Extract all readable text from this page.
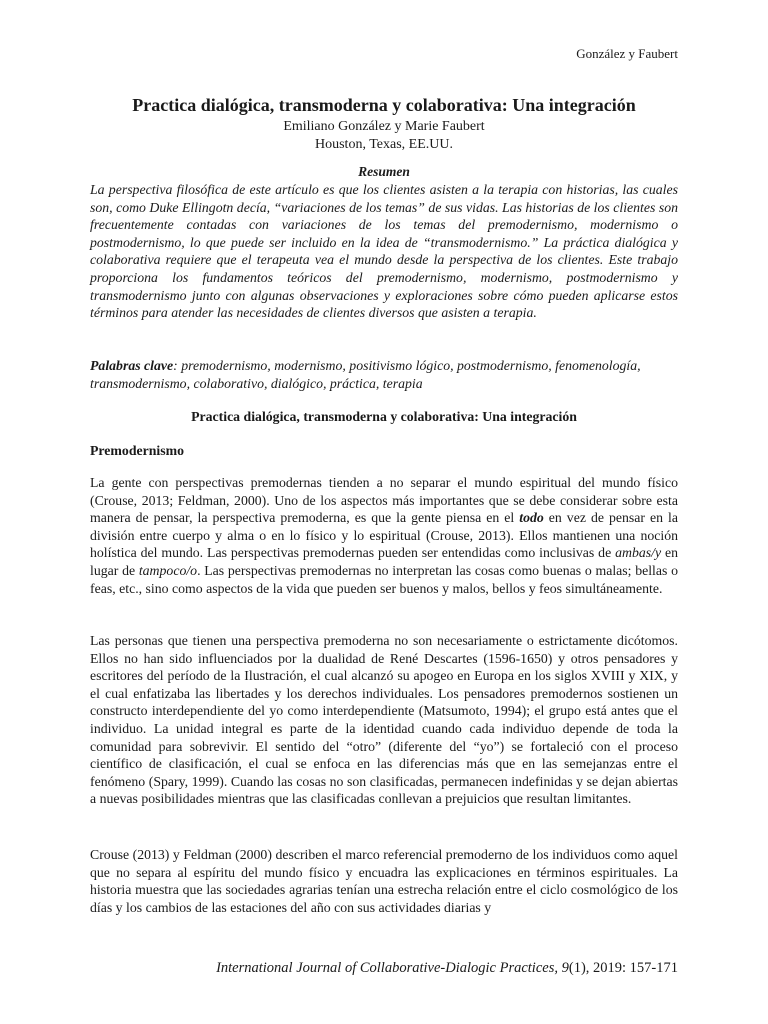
González y Faubert
Practica dialógica, transmoderna y colaborativa: Una integración
Emiliano González y Marie Faubert
Houston, Texas, EE.UU.
Resumen
La perspectiva filosófica de este artículo es que los clientes asisten a la terapia con historias, las cuales son, como Duke Ellingotn decía, “variaciones de los temas” de sus vidas. Las historias de los clientes son frecuentemente contadas con variaciones de los temas del premodernismo, modernismo o postmodernismo, lo que puede ser incluido en la idea de “transmodernismo.” La práctica dialógica y colaborativa requiere que el terapeuta vea el mundo desde la perspectiva de los clientes. Este trabajo proporciona los fundamentos teóricos del premodernismo, modernismo, postmodernismo y transmodernismo junto con algunas observaciones y exploraciones sobre cómo pueden aplicarse estos términos para atender las necesidades de clientes diversos que asisten a terapia.
Palabras clave: premodernismo, modernismo, positivismo lógico, postmodernismo, fenomenología, transmodernismo, colaborativo, dialógico, práctica, terapia
Practica dialógica, transmoderna y colaborativa: Una integración
Premodernismo
La gente con perspectivas premodernas tienden a no separar el mundo espiritual del mundo físico (Crouse, 2013; Feldman, 2000). Uno de los aspectos más importantes que se debe considerar sobre esta manera de pensar, la perspectiva premoderna, es que la gente piensa en el todo en vez de pensar en la división entre cuerpo y alma o en lo físico y lo espiritual (Crouse, 2013). Ellos mantienen una noción holística del mundo. Las perspectivas premodernas pueden ser entendidas como inclusivas de ambas/y en lugar de tampoco/o. Las perspectivas premodernas no interpretan las cosas como buenas o malas; bellas o feas, etc., sino como aspectos de la vida que pueden ser buenos y malos, bellos y feos simultáneamente.
Las personas que tienen una perspectiva premoderna no son necesariamente o estrictamente dicótomos. Ellos no han sido influenciados por la dualidad de René Descartes (1596-1650) y otros pensadores y escritores del período de la Ilustración, el cual alcanzó su apogeo en Europa en los siglos XVIII y XIX, y el cual enfatizaba las libertades y los derechos individuales. Los pensadores premodernos sostienen un constructo interdependiente del yo como interdependiente (Matsumoto, 1994); el grupo está antes que el individuo. La unidad integral es parte de la identidad cuando cada individuo depende de toda la comunidad para sobrevivir. El sentido del “otro” (diferente del “yo”) se fortaleció con el proceso científico de clasificación, el cual se enfoca en las diferencias más que en las semejanzas entre el fenómeno (Spary, 1999). Cuando las cosas no son clasificadas, permanecen indefinidas y se dejan abiertas a nuevas posibilidades mientras que las clasificadas conllevan a prejuicios que resultan limitantes.
Crouse (2013) y Feldman (2000) describen el marco referencial premoderno de los individuos como aquel que no separa al espíritu del mundo físico y encuadra las explicaciones en términos espirituales. La historia muestra que las sociedades agrarias tenían una estrecha relación entre el ciclo cosmológico de los días y los cambios de las estaciones del año con sus actividades diarias y
International Journal of Collaborative-Dialogic Practices, 9(1), 2019: 157-171
